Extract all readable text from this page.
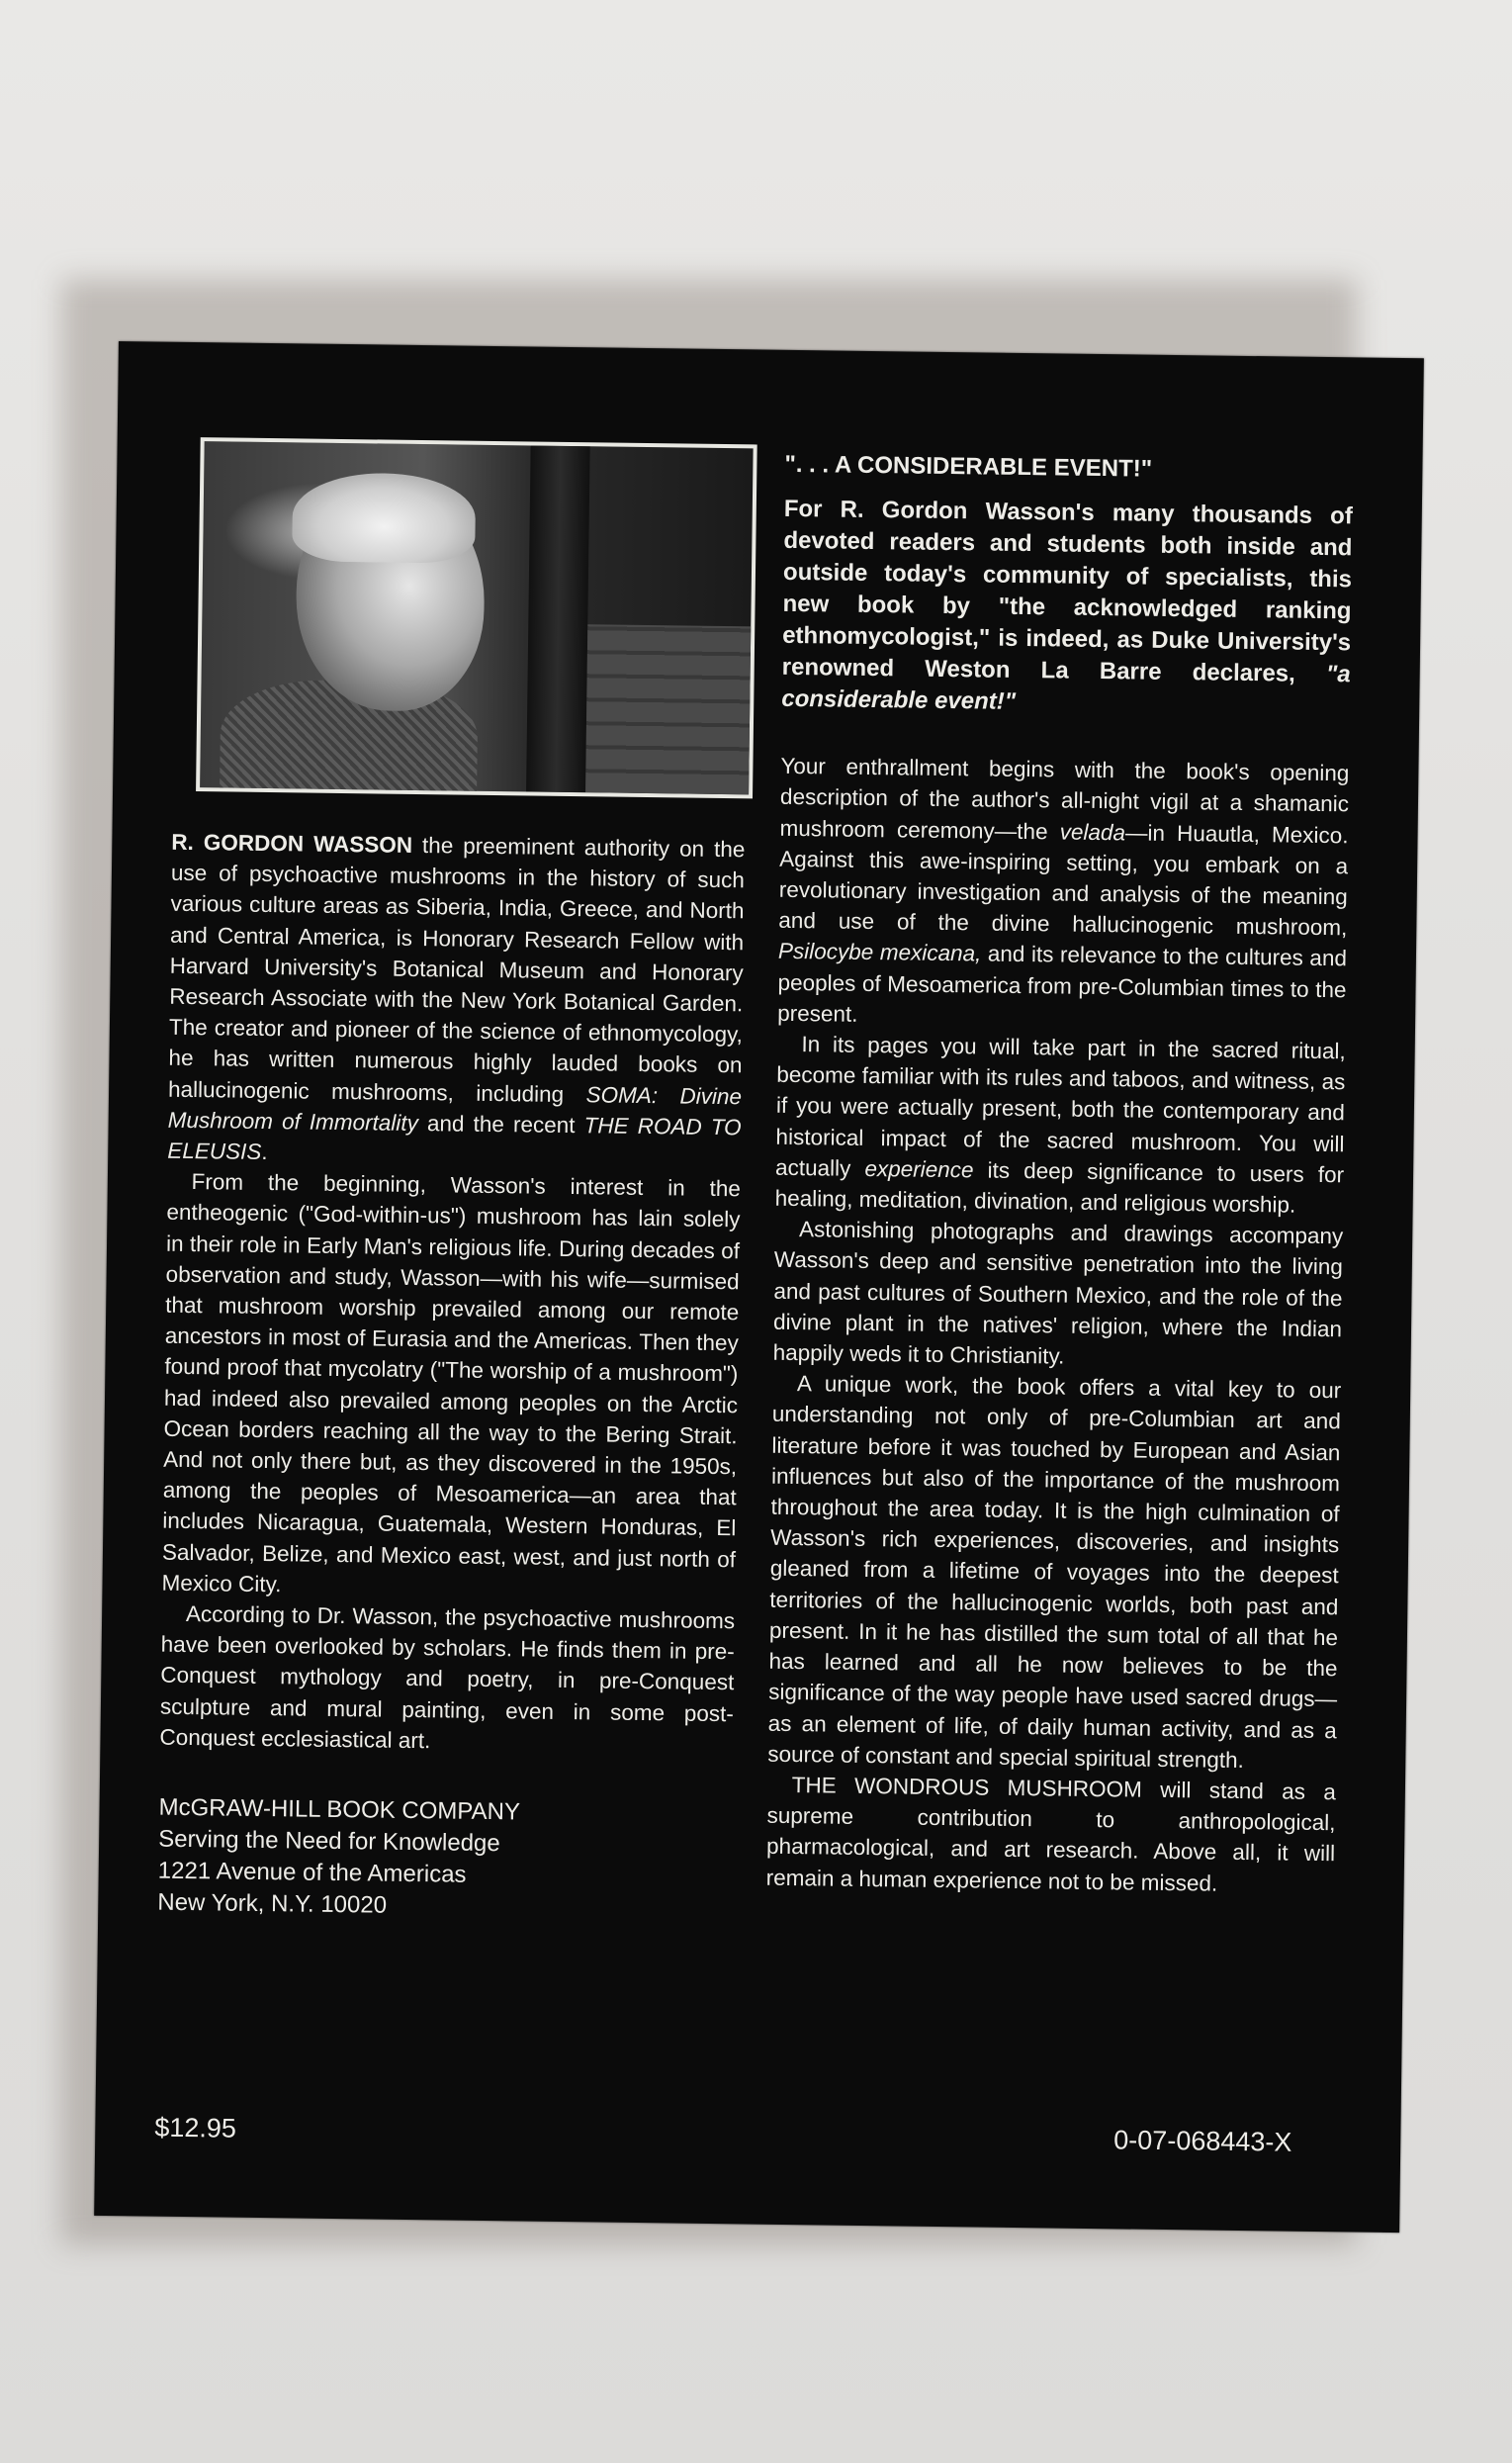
R. GORDON WASSON the preeminent authority on the use of psychoactive mushrooms in the history of such various culture areas as Siberia, India, Greece, and North and Central America, is Honorary Research Fellow with Harvard University's Botanical Museum and Honorary Research Associate with the New York Botanical Garden. The creator and pioneer of the science of ethnomycology, he has written numerous highly lauded books on hallucinogenic mushrooms, including SOMA: Divine Mushroom of Immortality and the recent THE ROAD TO ELEUSIS.

From the beginning, Wasson's interest in the entheogenic ("God-within-us") mushroom has lain solely in their role in Early Man's religious life. During decades of observation and study, Wasson—with his wife—surmised that mushroom worship prevailed among our remote ancestors in most of Eurasia and the Americas. Then they found proof that mycolatry ("The worship of a mushroom") had indeed also prevailed among peoples on the Arctic Ocean borders reaching all the way to the Bering Strait. And not only there but, as they discovered in the 1950s, among the peoples of Mesoamerica—an area that includes Nicaragua, Guatemala, Western Honduras, El Salvador, Belize, and Mexico east, west, and just north of Mexico City.

According to Dr. Wasson, the psychoactive mushrooms have been overlooked by scholars. He finds them in pre-Conquest mythology and poetry, in pre-Conquest sculpture and mural painting, even in some post-Conquest ecclesiastical art.

McGRAW-HILL BOOK COMPANY
Serving the Need for Knowledge
1221 Avenue of the Americas
New York, N.Y. 10020
". . . A CONSIDERABLE EVENT!"
For R. Gordon Wasson's many thousands of devoted readers and students both inside and outside today's community of specialists, this new book by "the acknowledged ranking ethnomycologist," is indeed, as Duke University's renowned Weston La Barre declares, "a considerable event!"

Your enthrallment begins with the book's opening description of the author's all-night vigil at a shamanic mushroom ceremony—the velada—in Huautla, Mexico. Against this awe-inspiring setting, you embark on a revolutionary investigation and analysis of the meaning and use of the divine hallucinogenic mushroom, Psilocybe mexicana, and its relevance to the cultures and peoples of Mesoamerica from pre-Columbian times to the present.

In its pages you will take part in the sacred ritual, become familiar with its rules and taboos, and witness, as if you were actually present, both the contemporary and historical impact of the sacred mushroom. You will actually experience its deep significance to users for healing, meditation, divination, and religious worship.

Astonishing photographs and drawings accompany Wasson's deep and sensitive penetration into the living and past cultures of Southern Mexico, and the role of the divine plant in the natives' religion, where the Indian happily weds it to Christianity.

A unique work, the book offers a vital key to our understanding not only of pre-Columbian art and literature before it was touched by European and Asian influences but also of the importance of the mushroom throughout the area today. It is the high culmination of Wasson's rich experiences, discoveries, and insights gleaned from a lifetime of voyages into the deepest territories of the hallucinogenic worlds, both past and present. In it he has distilled the sum total of all that he has learned and all he now believes to be the significance of the way people have used sacred drugs—as an element of life, of daily human activity, and as a source of constant and special spiritual strength.

THE WONDROUS MUSHROOM will stand as a supreme contribution to anthropological, pharmacological, and art research. Above all, it will remain a human experience not to be missed.

$12.95	0-07-068443-X
